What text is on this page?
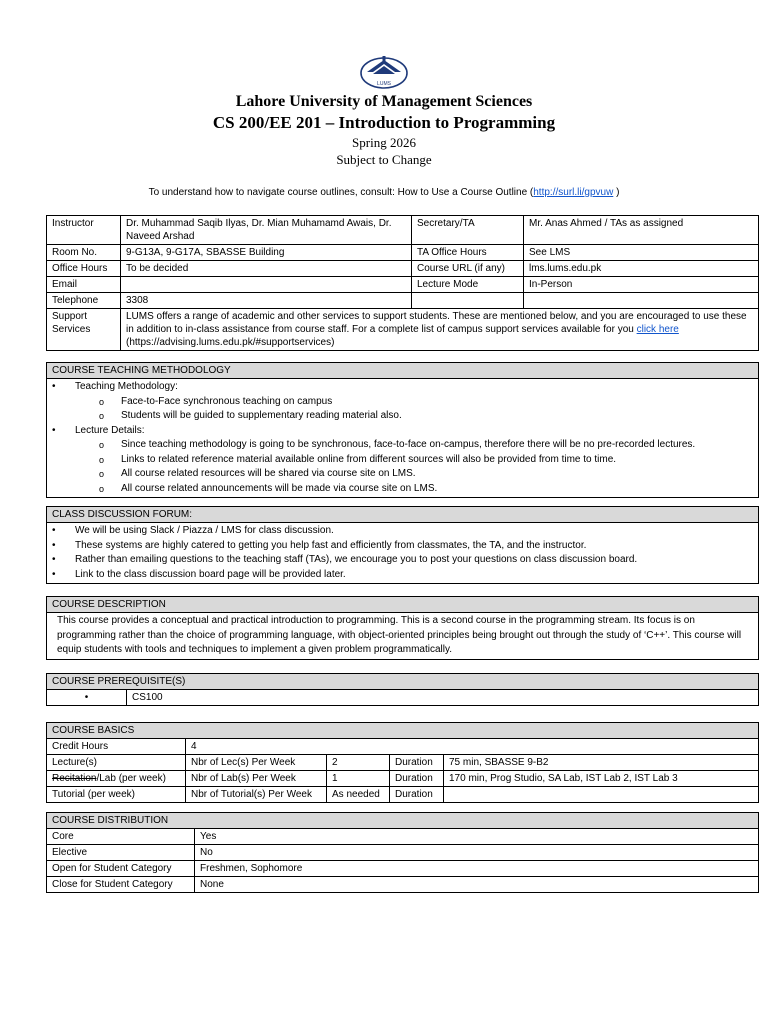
LUMS
Lahore University of Management Sciences
CS 200/EE 201 – Introduction to Programming
Spring 2026
Subject to Change
To understand how to navigate course outlines, consult: How to Use a Course Outline (http://surl.li/gpvuw )
Instructor	Dr. Muhammad Saqib Ilyas, Dr. Mian Muhamamd Awais, Dr. Naveed Arshad	Secretary/TA	Mr. Anas Ahmed / TAs as assigned
Room No.	9-G13A, 9-G17A, SBASSE Building	TA Office Hours	See LMS
Office Hours	To be decided	Course URL (if any)	lms.lums.edu.pk
Email		Lecture Mode	In-Person
Telephone	3308		
Support Services	LUMS offers a range of academic and other services to support students. These are mentioned below, and you are encouraged to use these in addition to in-class assistance from course staff. For a complete list of campus support services available for you click here (https://advising.lums.edu.pk/#supportservices)		
COURSE TEACHING METHODOLOGY
• Teaching Methodology:
o Face-to-Face synchronous teaching on campus
o Students will be guided to supplementary reading material also.
• Lecture Details:
o Since teaching methodology is going to be synchronous, face-to-face on-campus, therefore there will be no pre-recorded lectures.
o Links to related reference material available online from different sources will also be provided from time to time.
o All course related resources will be shared via course site on LMS.
o All course related announcements will be made via course site on LMS.
CLASS DISCUSSION FORUM:
• We will be using Slack / Piazza / LMS for class discussion.
• These systems are highly catered to getting you help fast and efficiently from classmates, the TA, and the instructor.
• Rather than emailing questions to the teaching staff (TAs), we encourage you to post your questions on class discussion board.
• Link to the class discussion board page will be provided later.
COURSE DESCRIPTION
This course provides a conceptual and practical introduction to programming. This is a second course in the programming stream. Its focus is on programming rather than the choice of programming language, with object-oriented principles being brought out through the study of ‘C++’. This course will equip students with tools and techniques to implement a given problem programmatically.
COURSE PREREQUISITE(S)
•	CS100
COURSE BASICS				
Credit Hours	4			
Lecture(s)	Nbr of Lec(s) Per Week	2	Duration	75 min, SBASSE 9-B2
Recitation/Lab (per week)	Nbr of Lab(s) Per Week	1	Duration	170 min, Prog Studio, SA Lab, IST Lab 2, IST Lab 3
Tutorial (per week)	Nbr of Tutorial(s) Per Week	As needed	Duration	
COURSE DISTRIBUTION	
Core	Yes
Elective	No
Open for Student Category	Freshmen, Sophomore
Close for Student Category	None
